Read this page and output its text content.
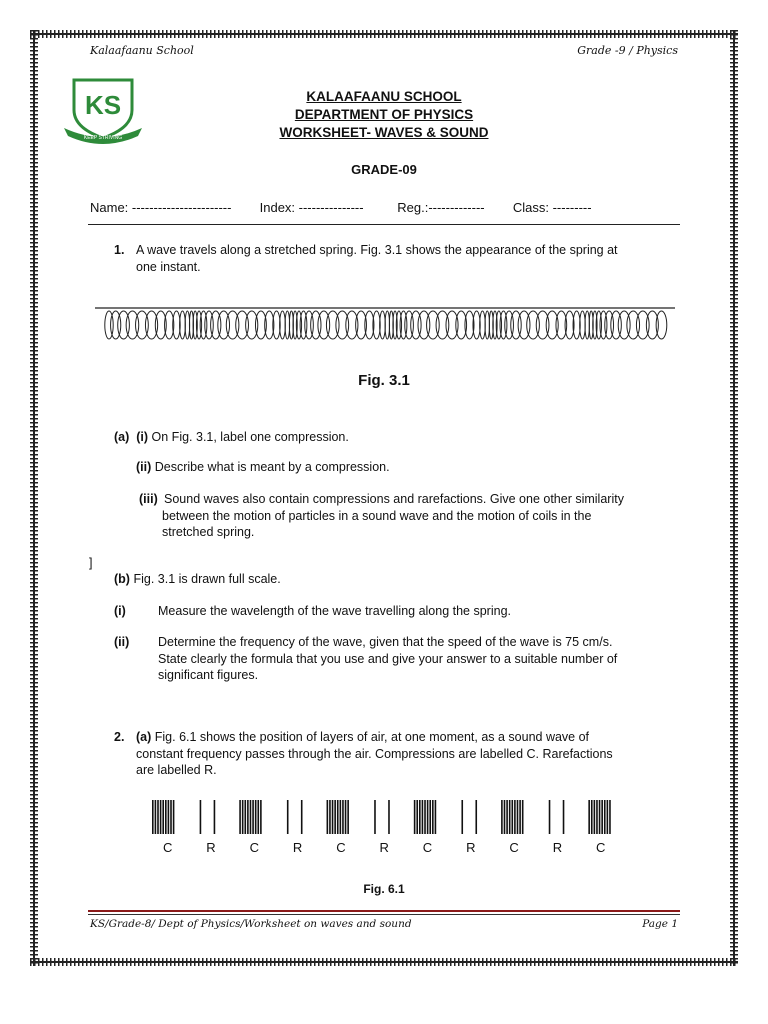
Kalaafaanu School	Grade -9 / Physics
KS
KEEP STRIVING
KALAAFAANU SCHOOL
DEPARTMENT OF PHYSICS
WORKSHEET- WAVES & SOUND
GRADE-09
Name: ----------------------- Index: ---------------	Reg.:------------- Class: ---------
1. A wave travels along a stretched spring. Fig. 3.1 shows the appearance of the spring at
one instant.
Fig. 3.1
(a) (i) On Fig. 3.1, label one compression.
(ii) Describe what is meant by a compression.
(iii) Sound waves also contain compressions and rarefactions. Give one other similarity
between the motion of particles in a sound wave and the motion of coils in the
stretched spring.
]
(b) Fig. 3.1 is drawn full scale.
(i)	Measure the wavelength of the wave travelling along the spring.
(ii) Determine the frequency of the wave, given that the speed of the wave is 75 cm/s.
State clearly the formula that you use and give your answer to a suitable number of
significant figures.
2. (a) Fig. 6.1 shows the position of layers of air, at one moment, as a sound wave of
constant frequency passes through the air. Compressions are labelled C. Rarefactions
are labelled R.
C	R	C	R	C	R	C	R	C	R	C
Fig. 6.1
KS/Grade-8/ Dept of Physics/Worksheet on waves and sound	Page 1
